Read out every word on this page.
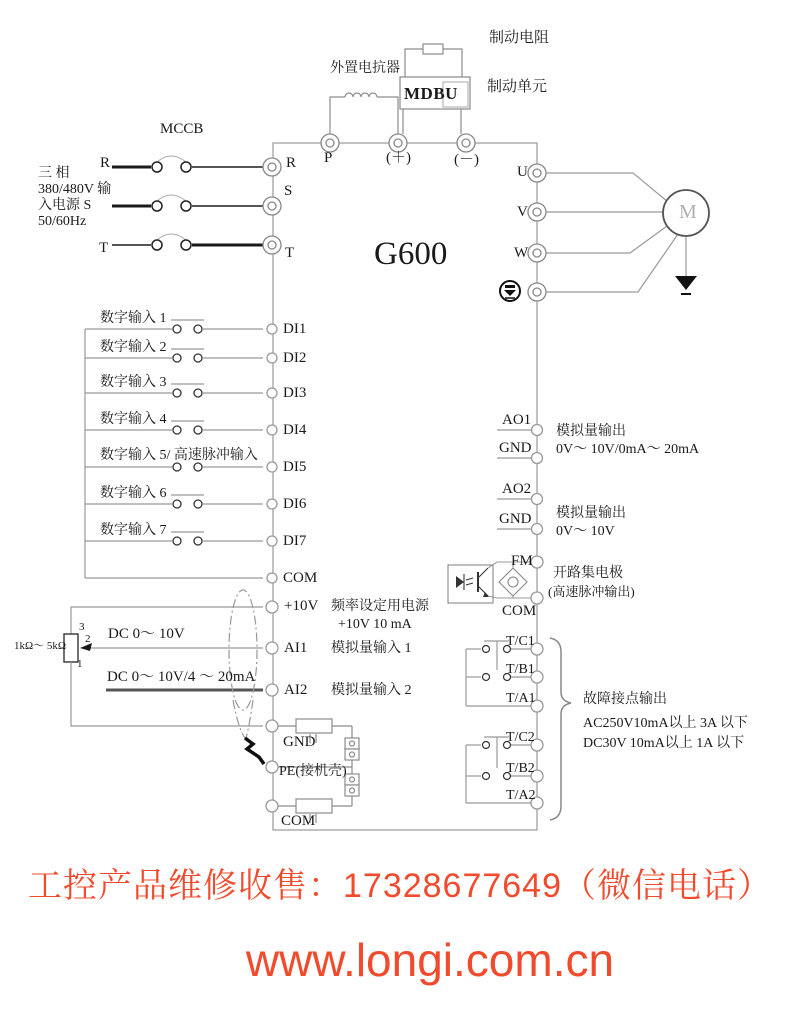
MCCB
R
T
三 相
380/480V 输
入电源 S
50/60Hz
外置电抗器
制动电阻
制动单元
MDBU
P	(＋)	(－)
R
S
T G600
U
V
W
M
数字输入 1
数字输入 2
数字输入 3
数字输入 4
数字输入 5/ 高速脉冲输入
数字输入 6
数字输入 7
DI1
DI2
DI3
DI4
DI5
DI6
DI7
COM
+10V 频率设定用电源
+10V 10 mA
AI1 模拟量输入 1
AI2 模拟量输入 2
DC 0～ 10V
DC 0～ 10V/4 ～ 20mA
1kΩ～ 5kΩ
3
2
1
GND
PE(接机壳)
COM
AO1
GND
模拟量输出
0V～ 10V/0mA～ 20mA
AO2
GND 模拟量输出
0V～ 10V
FM
COM
开路集电极
(高速脉冲输出)
T/C1
T/B1
T/A1
T/C2
T/B2
T/A2
故障接点输出
AC250V10mA以上 3A 以下
DC30V 10mA以上 1A 以下
工控产品维修收售：17328677649（微信电话）
www.longi.com.cn
